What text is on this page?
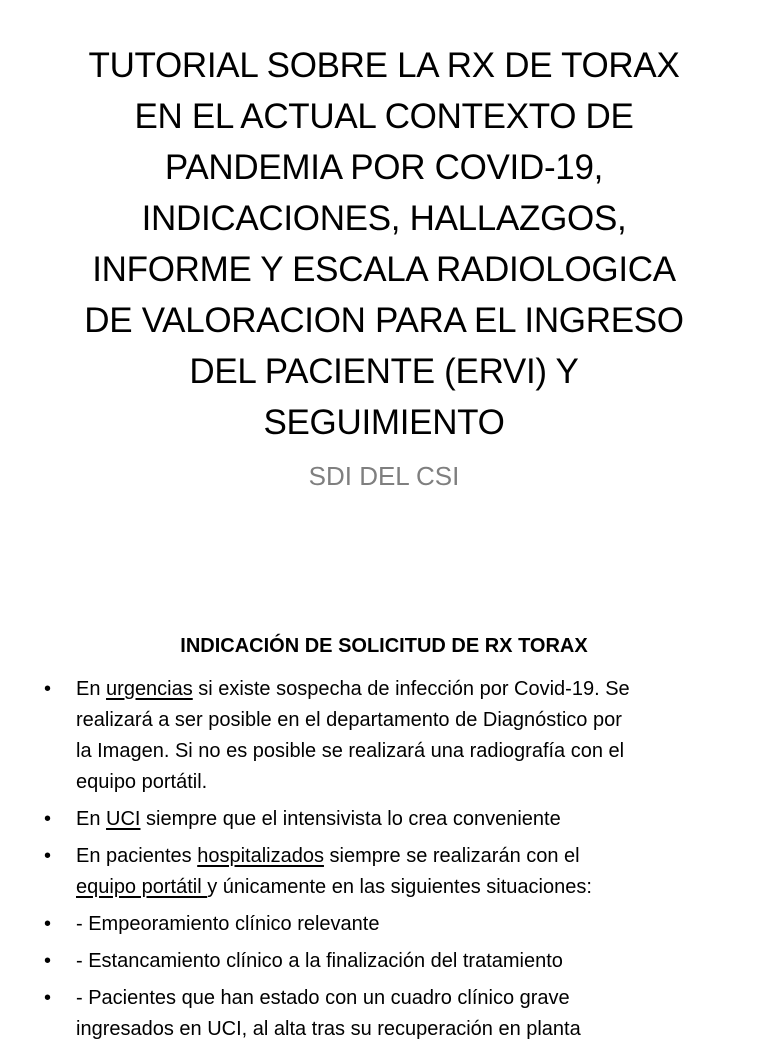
TUTORIAL SOBRE LA RX DE TORAX
EN EL ACTUAL CONTEXTO DE
PANDEMIA POR COVID-19,
INDICACIONES, HALLAZGOS,
INFORME Y ESCALA RADIOLOGICA
DE VALORACION PARA EL INGRESO
DEL PACIENTE (ERVI) Y
SEGUIMIENTO
SDI DEL CSI
INDICACIÓN DE SOLICITUD DE RX TORAX
•	En urgencias si existe sospecha de infección por Covid-19. Se
realizará a ser posible en el departamento de Diagnóstico por
la Imagen. Si no es posible se realizará una radiografía con el
equipo portátil.
•	En UCI siempre que el intensivista lo crea conveniente
•	En pacientes hospitalizados siempre se realizarán con el
equipo portátil y únicamente en las siguientes situaciones:
•	- Empeoramiento clínico relevante
•	- Estancamiento clínico a la finalización del tratamiento
•	- Pacientes que han estado con un cuadro clínico grave
ingresados en UCI, al alta tras su recuperación en planta
